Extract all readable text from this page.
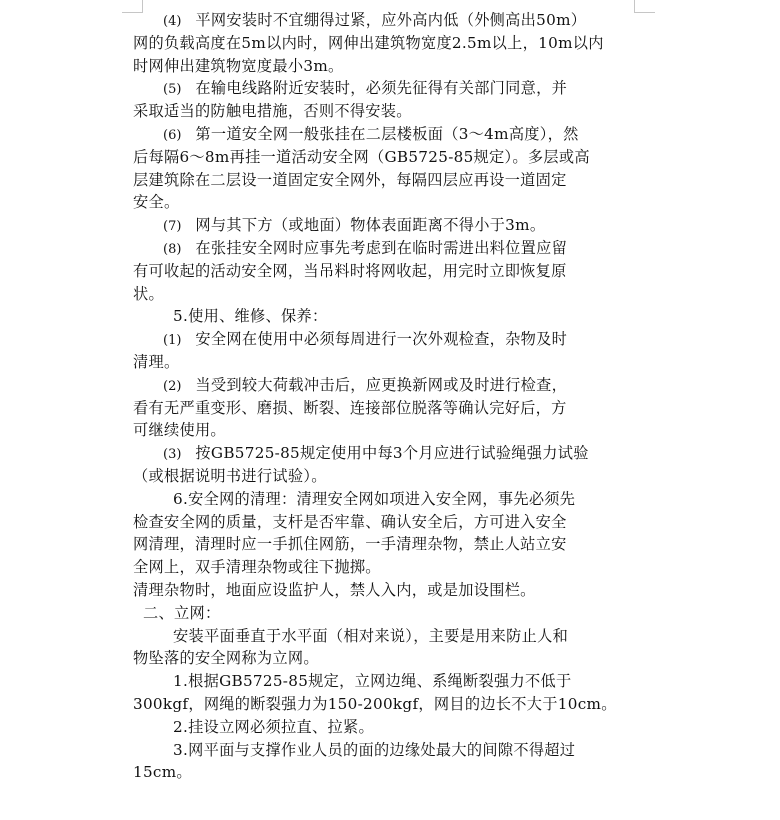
(4) 平网安装时不宜绷得过紧，应外高内低（外侧高出50m）
网的负载高度在5m以内时，网伸出建筑物宽度2.5m以上，10m以内
时网伸出建筑物宽度最小3m。
(5) 在输电线路附近安装时，必须先征得有关部门同意，并
采取适当的防触电措施，否则不得安装。
(6) 第一道安全网一般张挂在二层楼板面（3～4m高度），然
后每隔6～8m再挂一道活动安全网（GB5725-85规定）。多层或高
层建筑除在二层设一道固定安全网外，每隔四层应再设一道固定
安全。
(7) 网与其下方（或地面）物体表面距离不得小于3m。
(8) 在张挂安全网时应事先考虑到在临时需进出料位置应留
有可收起的活动安全网，当吊料时将网收起，用完时立即恢复原
状。
5.使用、维修、保养：
(1) 安全网在使用中必须每周进行一次外观检查，杂物及时
清理。
(2) 当受到较大荷载冲击后，应更换新网或及时进行检查，
看有无严重变形、磨损、断裂、连接部位脱落等确认完好后，方
可继续使用。
(3) 按GB5725-85规定使用中每3个月应进行试验绳强力试验
（或根据说明书进行试验）。
6.安全网的清理：清理安全网如项进入安全网，事先必须先
检查安全网的质量，支杆是否牢靠、确认安全后，方可进入安全
网清理，清理时应一手抓住网筋，一手清理杂物，禁止人站立安
全网上，双手清理杂物或往下抛掷。
清理杂物时，地面应设监护人，禁人入内，或是加设围栏。
二、立网：
安装平面垂直于水平面（相对来说），主要是用来防止人和
物坠落的安全网称为立网。
1.根据GB5725-85规定，立网边绳、系绳断裂强力不低于
300kgf，网绳的断裂强力为150-200kgf，网目的边长不大于10cm。
2.挂设立网必须拉直、拉紧。
3.网平面与支撑作业人员的面的边缘处最大的间隙不得超过
15cm。
